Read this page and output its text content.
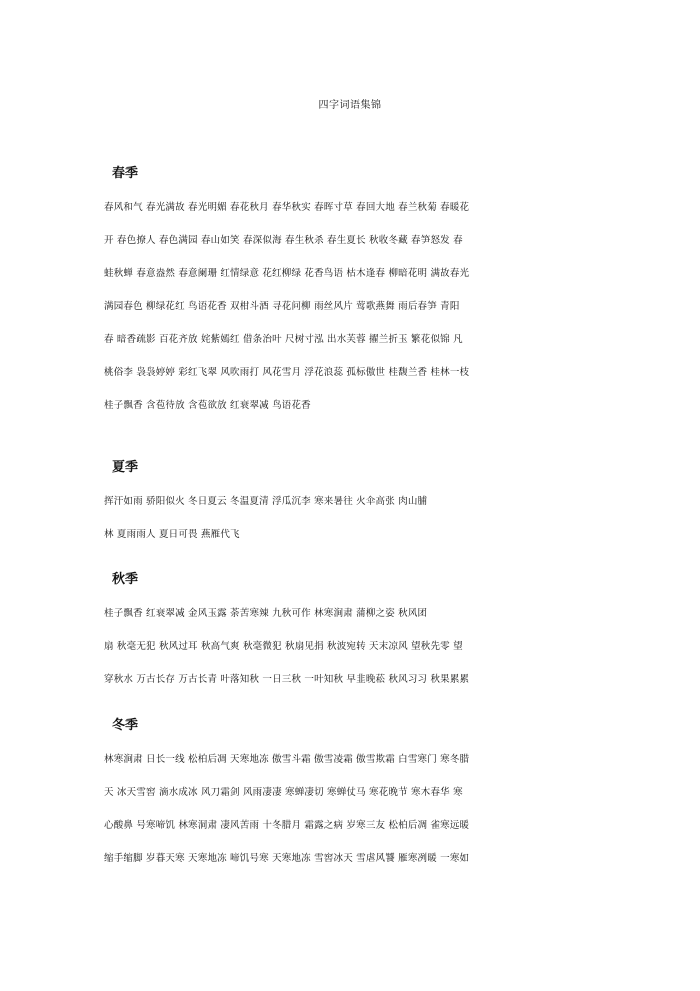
四字词语集锦
春季
春风和气 春光满故 春光明媚 春花秋月 春华秋实 春晖寸草 春回大地 春兰秋菊 春暖花
开 春色撩人 春色满园 春山如笑 春深似海 春生秋杀 春生夏长 秋收冬藏 春笋怒发 春
蛙秋蝉 春意盎然 春意阑珊 红情绿意 花红柳绿 花香鸟语 枯木逢春 柳暗花明 满故春光
满园春色 柳绿花红 鸟语花香 双柑斗酒 寻花问柳 雨丝风片 莺歌燕舞 雨后春笋 青阳
春 暗香疏影 百花齐放 姹紫嫣红 借条治叶 尺树寸泓 出水芙蓉 擢兰折玉 繁花似锦 凡
桃俗李 袅袅婷婷 彩红飞翠 风吹雨打 风花雪月 浮花浪蕊 孤标傲世 桂馥兰香 桂林一枝
桂子飘香 含苞待放 含苞欲放 红衰翠减 鸟语花香
夏季
挥汗如雨 骄阳似火 冬日夏云 冬温夏清 浮瓜沉李 寒来暑往 火伞高张 肉山脯
林 夏雨雨人 夏日可畏 燕雁代飞
秋季
桂子飘香 红衰翠减 金风玉露 荼苦寒辣 九秋可作 林寒涧肃 蒲柳之姿 秋风团
扇 秋毫无犯 秋风过耳 秋高气爽 秋毫微犯 秋扇见捐 秋波宛转 天末凉风 望秋先零 望
穿秋水 万古长存 万古长青 叶落知秋 一日三秋 一叶知秋 早韭晚菘 秋风习习 秋果累累
冬季
林寒涧肃 日长一线 松柏后凋 天寒地冻 傲雪斗霜 傲雪凌霜 傲雪欺霜 白雪寒门 寒冬腊
天 冰天雪窖 滴水成冰 风刀霜剑 风雨凄凄 寒蝉凄切 寒蝉仗马 寒花晚节 寒木春华 寒
心酸鼻 号寒啼饥 林寒洞肃 凄风苦雨 十冬腊月 霜露之病 岁寒三友 松柏后凋 雀寒远暖
缩手缩脚 岁暮天寒 天寒地冻 啼饥号寒 天寒地冻 雪窖冰天 雪虐风饕 雁寒冽暖 一寒如
